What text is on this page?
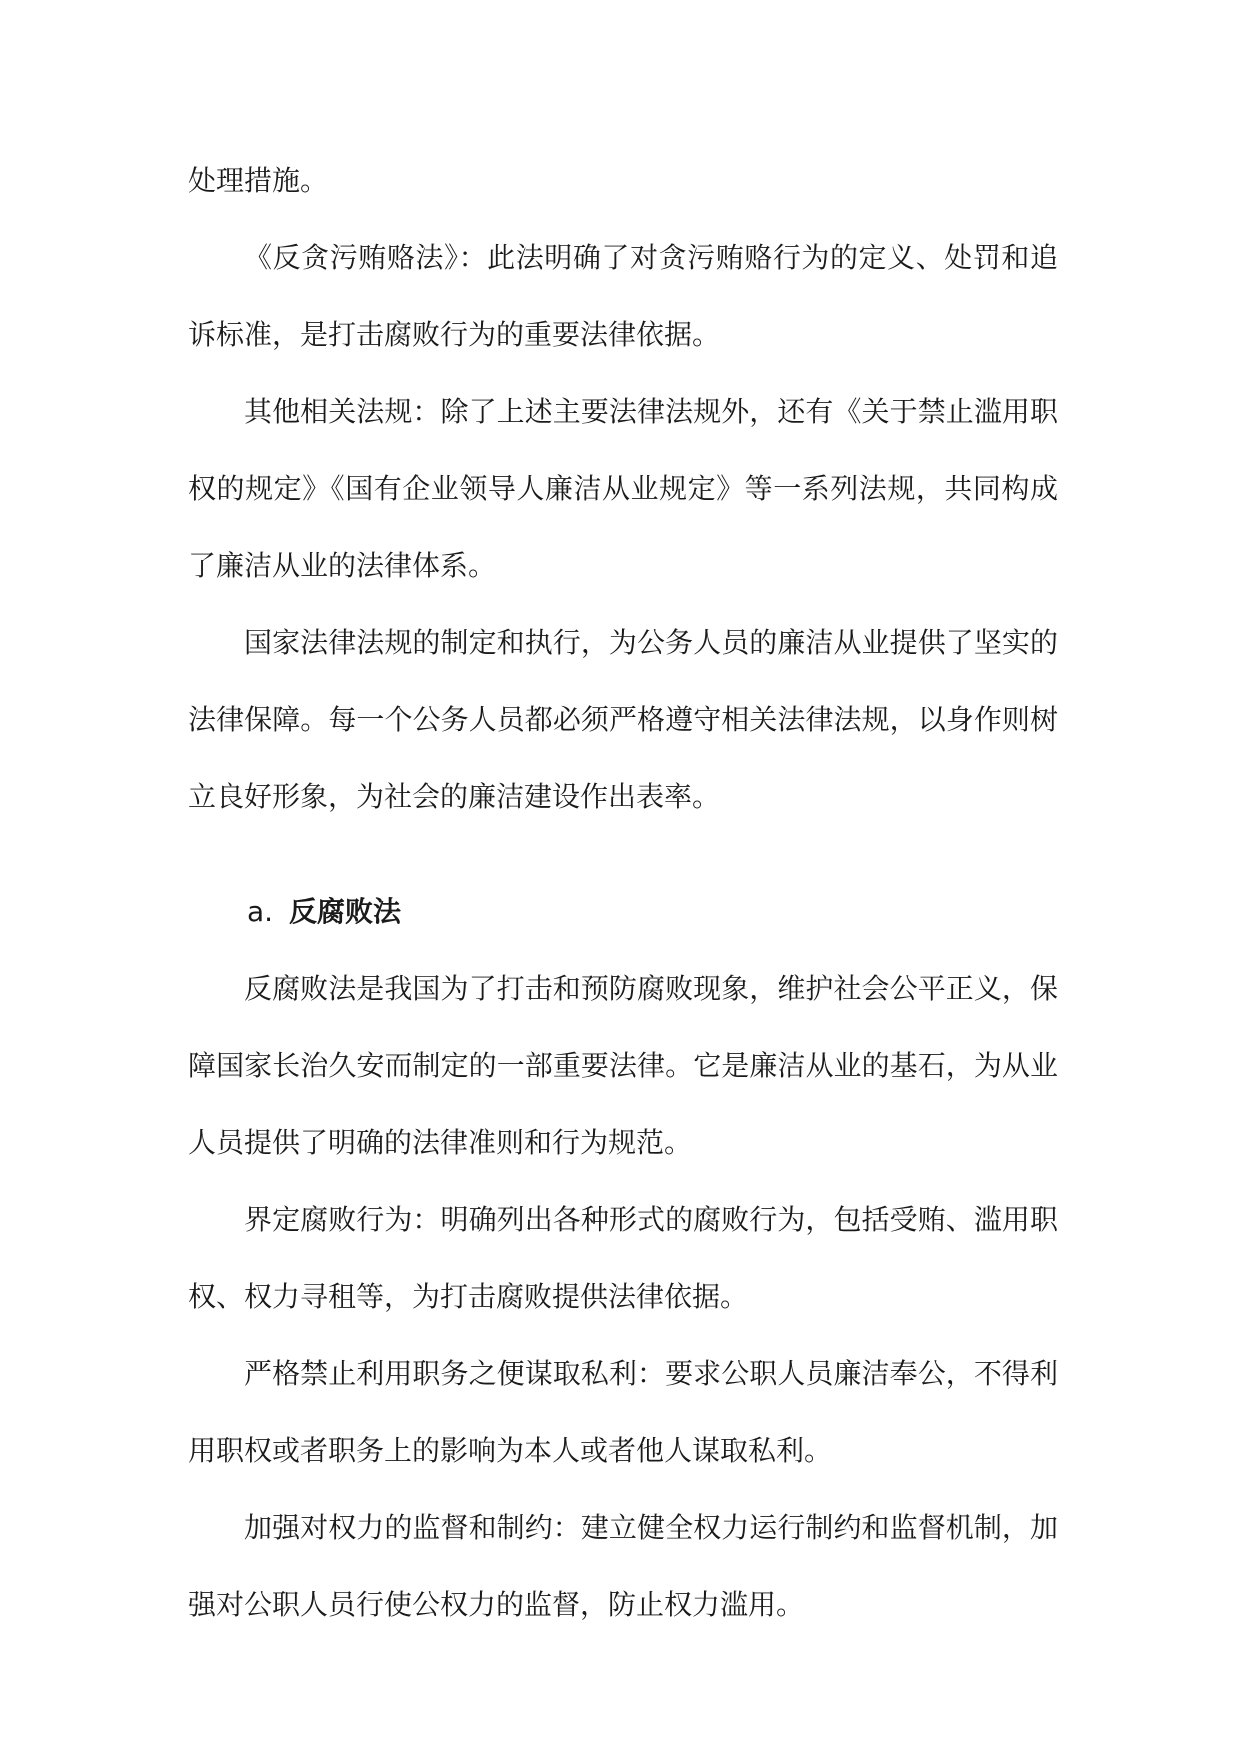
处理措施。

《反贪污贿赂法》：此法明确了对贪污贿赂行为的定义、处罚和追诉标准，是打击腐败行为的重要法律依据。

其他相关法规：除了上述主要法律法规外，还有《关于禁止滥用职权的规定》《国有企业领导人廉洁从业规定》等一系列法规，共同构成了廉洁从业的法律体系。

国家法律法规的制定和执行，为公务人员的廉洁从业提供了坚实的法律保障。每一个公务人员都必须严格遵守相关法律法规，以身作则树立良好形象，为社会的廉洁建设作出表率。

a. 反腐败法

反腐败法是我国为了打击和预防腐败现象，维护社会公平正义，保障国家长治久安而制定的一部重要法律。它是廉洁从业的基石，为从业人员提供了明确的法律准则和行为规范。

界定腐败行为：明确列出各种形式的腐败行为，包括受贿、滥用职权、权力寻租等，为打击腐败提供法律依据。

严格禁止利用职务之便谋取私利：要求公职人员廉洁奉公，不得利用职权或者职务上的影响为本人或者他人谋取私利。

加强对权力的监督和制约：建立健全权力运行制约和监督机制，加强对公职人员行使公权力的监督，防止权力滥用。
